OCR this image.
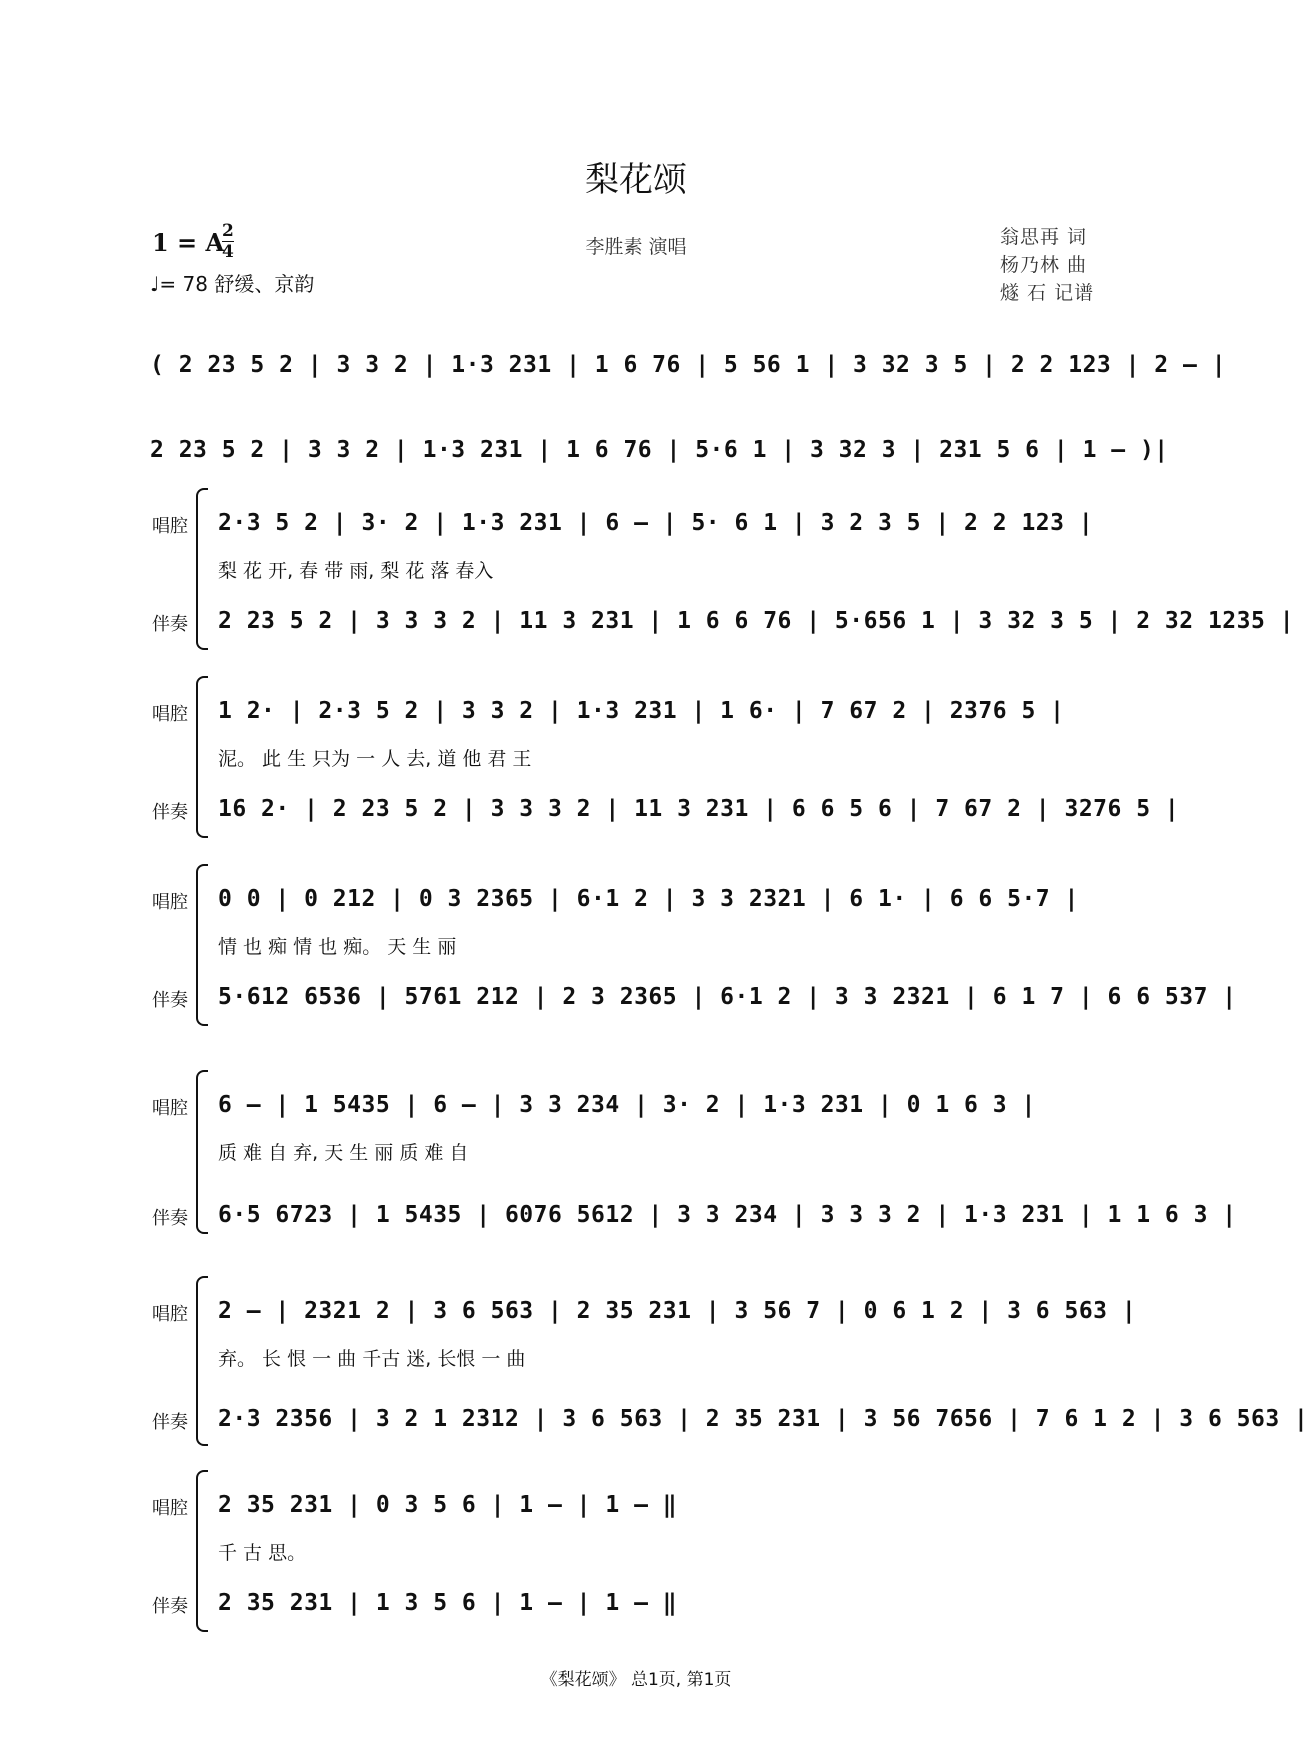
梨花颂
1 = A
2
4
♩= 78 舒缓、京韵
李胜素 演唱	翁思再 词
杨乃林 曲
燧 石 记谱
( 2 23 5 2 | 3 3 2 | 1·3 231 | 1 6 76 | 5 56 1 | 3 32 3 5 | 2 2 123 | 2 – |
2 23 5 2 | 3 3 2 | 1·3 231 | 1 6 76 | 5·6 1 | 3 32 3 | 231 5 6 | 1 – )|
唱腔 2·3 5 2 | 3· 2 | 1·3 231 | 6 – | 5· 6 1 | 3 2 3 5 | 2 2 123 |
梨 花 开, 春 带 雨, 梨 花 落 春入
伴奏 2 23 5 2 | 3 3 3 2 | 11 3 231 | 1 6 6 76 | 5·656 1 | 3 32 3 5 | 2 32 1235 |
唱腔 1 2· | 2·3 5 2 | 3 3 2 | 1·3 231 | 1 6· | 7 67 2 | 2376 5 |
泥。 此 生 只为 一 人 去, 道 他 君 王
伴奏 16 2· | 2 23 5 2 | 3 3 3 2 | 11 3 231 | 6 6 5 6 | 7 67 2 | 3276 5 |
唱腔 0 0 | 0 212 | 0 3 2365 | 6·1 2 | 3 3 2321 | 6 1· | 6 6 5·7 |
情 也 痴 情 也 痴。 天 生 丽
伴奏 5·612 6536 | 5761 212 | 2 3 2365 | 6·1 2 | 3 3 2321 | 6 1 7 | 6 6 537 |
唱腔 6 – | 1 5435 | 6 – | 3 3 234 | 3· 2 | 1·3 231 | 0 1 6 3 |
质 难 自 弃, 天 生 丽 质 难 自
伴奏 6·5 6723 | 1 5435 | 6076 5612 | 3 3 234 | 3 3 3 2 | 1·3 231 | 1 1 6 3 |
唱腔 2 – | 2321 2 | 3 6 563 | 2 35 231 | 3 56 7 | 0 6 1 2 | 3 6 563 |
弃。 长 恨 一 曲 千古 迷, 长恨 一 曲
伴奏 2·3 2356 | 3 2 1 2312 | 3 6 563 | 2 35 231 | 3 56 7656 | 7 6 1 2 | 3 6 563 |
唱腔 2 35 231 | 0 3 5 6 | 1 – | 1 – ‖
千 古 思。
伴奏 2 35 231 | 1 3 5 6 | 1 – | 1 – ‖
《梨花颂》 总1页, 第1页
